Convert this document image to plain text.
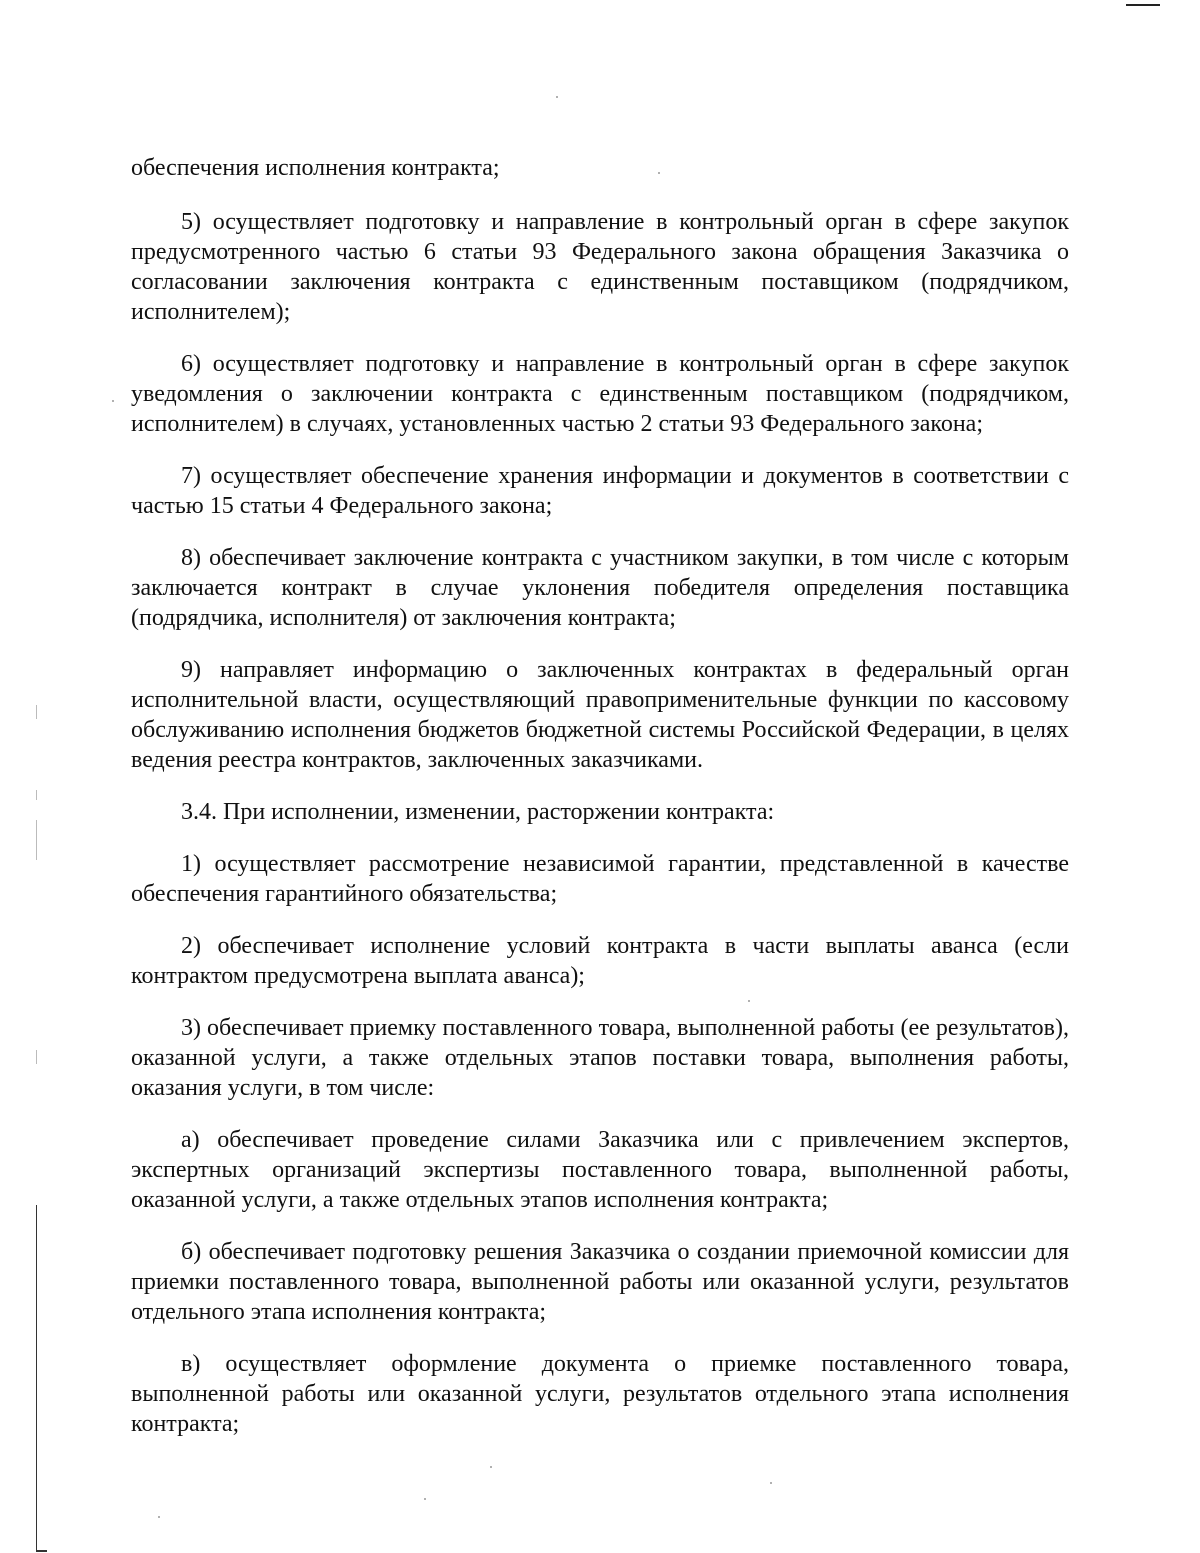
обеспечения исполнения контракта;

5) осуществляет подготовку и направление в контрольный орган в сфере закупок предусмотренного частью 6 статьи 93 Федерального закона обращения Заказчика о согласовании заключения контракта с единственным поставщиком (подрядчиком, исполнителем);

6) осуществляет подготовку и направление в контрольный орган в сфере закупок уведомления о заключении контракта с единственным поставщиком (подрядчиком, исполнителем) в случаях, установленных частью 2 статьи 93 Федерального закона;

7) осуществляет обеспечение хранения информации и документов в соответствии с частью 15 статьи 4 Федерального закона;

8) обеспечивает заключение контракта с участником закупки, в том числе с которым заключается контракт в случае уклонения победителя определения поставщика (подрядчика, исполнителя) от заключения контракта;

9) направляет информацию о заключенных контрактах в федеральный орган исполнительной власти, осуществляющий правоприменительные функции по кассовому обслуживанию исполнения бюджетов бюджетной системы Российской Федерации, в целях ведения реестра контрактов, заключенных заказчиками.

3.4. При исполнении, изменении, расторжении контракта:

1) осуществляет рассмотрение независимой гарантии, представленной в качестве обеспечения гарантийного обязательства;

2) обеспечивает исполнение условий контракта в части выплаты аванса (если контрактом предусмотрена выплата аванса);

3) обеспечивает приемку поставленного товара, выполненной работы (ее результатов), оказанной услуги, а также отдельных этапов поставки товара, выполнения работы, оказания услуги, в том числе:

а) обеспечивает проведение силами Заказчика или с привлечением экспертов, экспертных организаций экспертизы поставленного товара, выполненной работы, оказанной услуги, а также отдельных этапов исполнения контракта;

б) обеспечивает подготовку решения Заказчика о создании приемочной комиссии для приемки поставленного товара, выполненной работы или оказанной услуги, результатов отдельного этапа исполнения контракта;

в) осуществляет оформление документа о приемке поставленного товара, выполненной работы или оказанной услуги, результатов отдельного этапа исполнения контракта;
